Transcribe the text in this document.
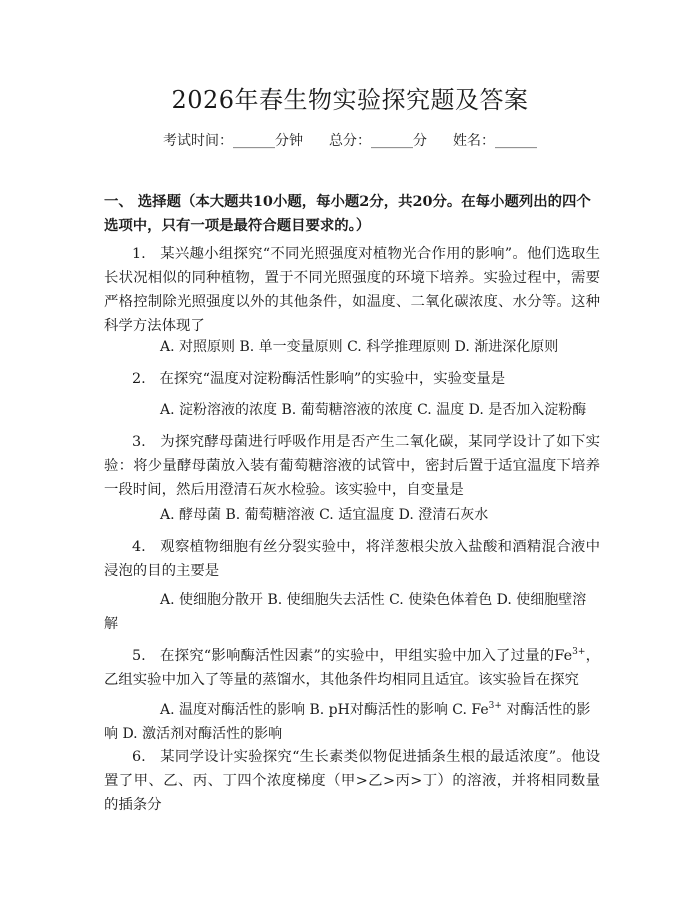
2026年春生物实验探究题及答案
考试时间：______分钟 总分：______分 姓名：______
一、 选择题（本大题共10小题，每小题2分，共20分。在每小题列出的四个选项中，只有一项是最符合题目要求的。）
1. 某兴趣小组探究“不同光照强度对植物光合作用的影响”。他们选取生长状况相似的同种植物，置于不同光照强度的环境下培养。实验过程中，需要严格控制除光照强度以外的其他条件，如温度、二氧化碳浓度、水分等。这种科学方法体现了
A. 对照原则 B. 单一变量原则 C. 科学推理原则 D. 渐进深化原则
2. 在探究“温度对淀粉酶活性影响”的实验中，实验变量是
A. 淀粉溶液的浓度 B. 葡萄糖溶液的浓度 C. 温度 D. 是否加入淀粉酶
3. 为探究酵母菌进行呼吸作用是否产生二氧化碳，某同学设计了如下实验：将少量酵母菌放入装有葡萄糖溶液的试管中，密封后置于适宜温度下培养一段时间，然后用澄清石灰水检验。该实验中，自变量是
A. 酵母菌 B. 葡萄糖溶液 C. 适宜温度 D. 澄清石灰水
4. 观察植物细胞有丝分裂实验中，将洋葱根尖放入盐酸和酒精混合液中浸泡的目的主要是
A. 使细胞分散开 B. 使细胞失去活性 C. 使染色体着色 D. 使细胞壁溶解
5. 在探究“影响酶活性因素”的实验中，甲组实验中加入了过量的$Fe^{3+}$，乙组实验中加入了等量的蒸馏水，其他条件均相同且适宜。该实验旨在探究
A. 温度对酶活性的影响 B. pH对酶活性的影响 C. $Fe^{3+}$ 对酶活性的影响 D. 激活剂对酶活性的影响
6. 某同学设计实验探究“生长素类似物促进插条生根的最适浓度”。他设置了甲、乙、丙、丁四个浓度梯度（甲>乙>丙>丁）的溶液，并将相同数量的插条分
